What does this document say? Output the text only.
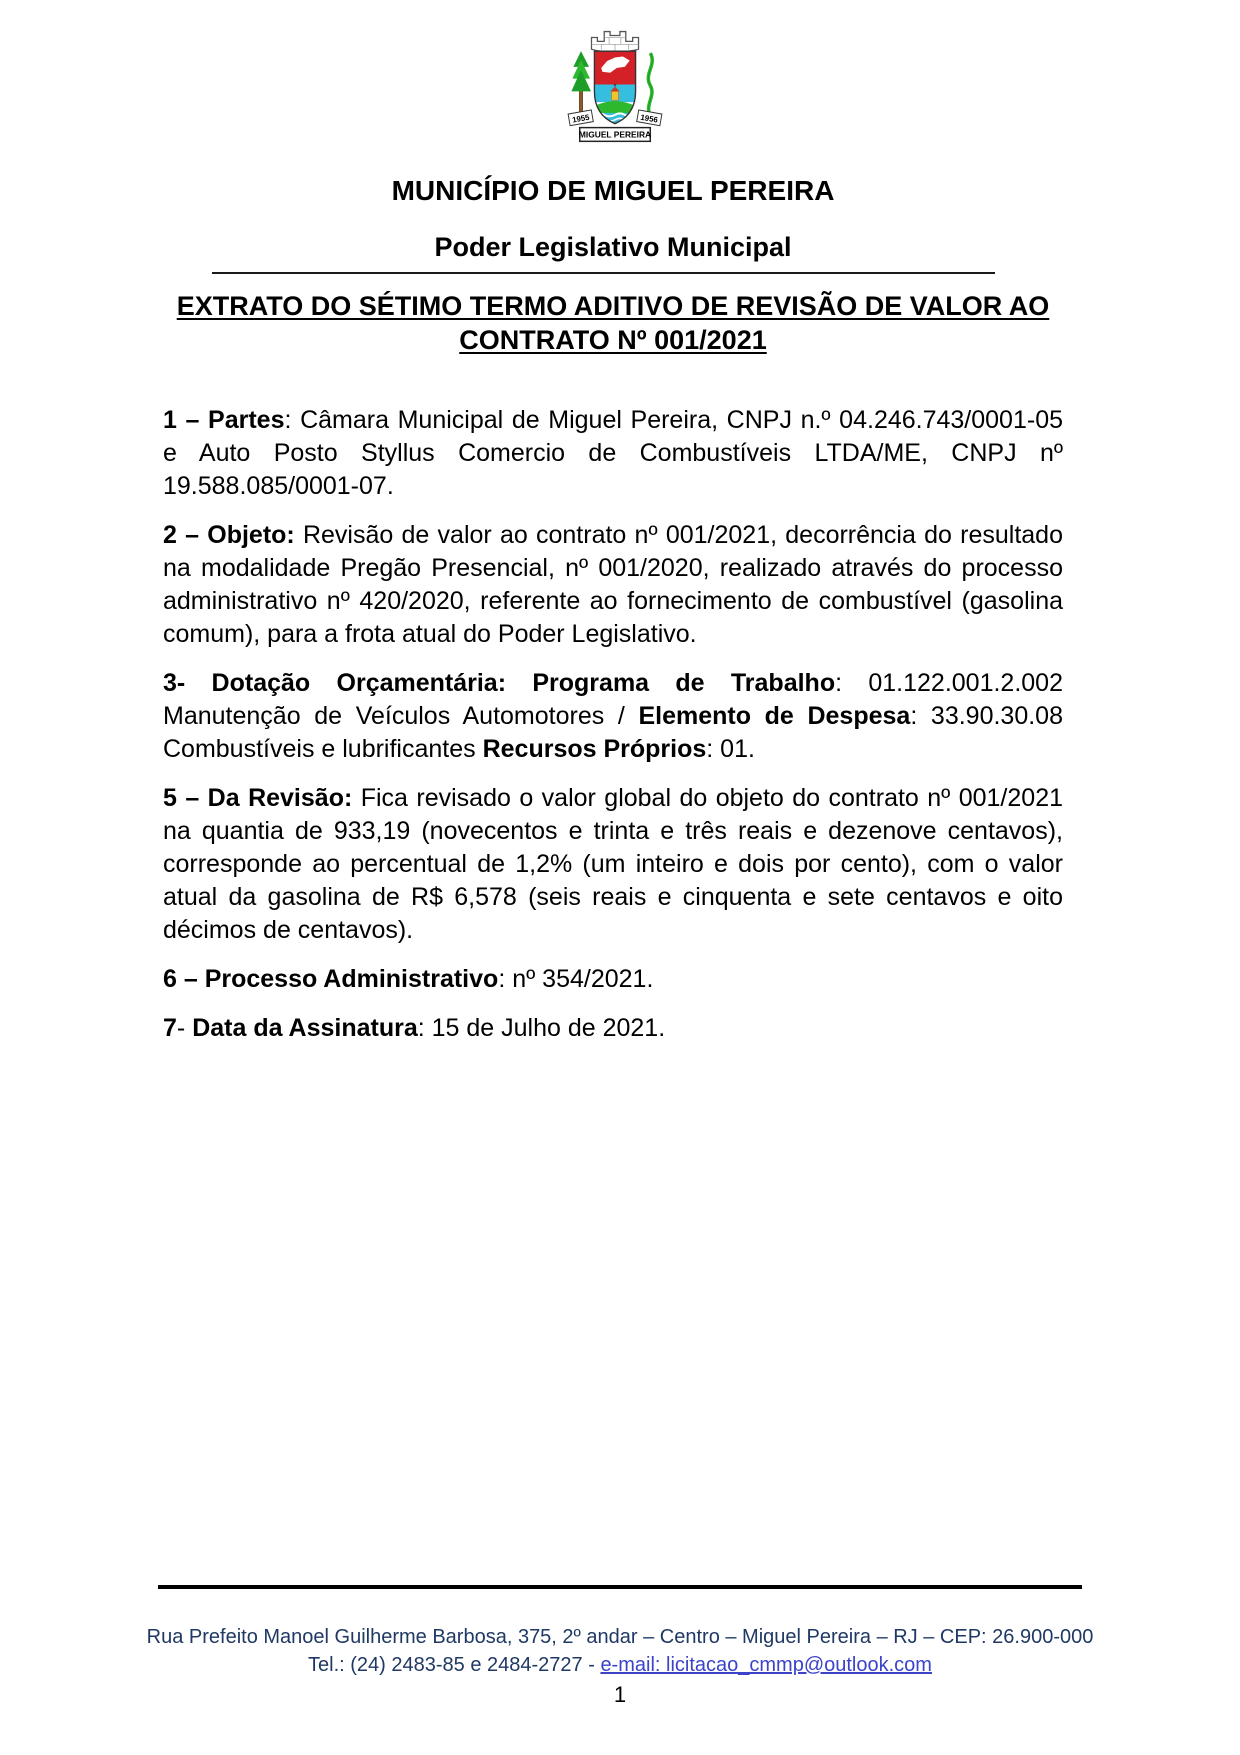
1955	1956
MIGUEL PEREIRA
MUNICÍPIO DE MIGUEL PEREIRA
Poder Legislativo Municipal
EXTRATO DO SÉTIMO TERMO ADITIVO DE REVISÃO DE VALOR AO
CONTRATO Nº 001/2021

1 – Partes: Câmara Municipal de Miguel Pereira, CNPJ n.º 04.246.743/0001-05 e Auto Posto Styllus Comercio de Combustíveis LTDA/ME, CNPJ nº 19.588.085/0001-07.

2 – Objeto: Revisão de valor ao contrato nº 001/2021, decorrência do resultado na modalidade Pregão Presencial, nº 001/2020, realizado através do processo administrativo nº 420/2020, referente ao fornecimento de combustível (gasolina comum), para a frota atual do Poder Legislativo.

3- Dotação Orçamentária: Programa de Trabalho: 01.122.001.2.002 Manutenção de Veículos Automotores / Elemento de Despesa: 33.90.30.08 Combustíveis e lubrificantes Recursos Próprios: 01.

5 – Da Revisão: Fica revisado o valor global do objeto do contrato nº 001/2021 na quantia de 933,19 (novecentos e trinta e três reais e dezenove centavos), corresponde ao percentual de 1,2% (um inteiro e dois por cento), com o valor atual da gasolina de R$ 6,578 (seis reais e cinquenta e sete centavos e oito décimos de centavos).

6 – Processo Administrativo: nº 354/2021.

7- Data da Assinatura: 15 de Julho de 2021.

Rua Prefeito Manoel Guilherme Barbosa, 375, 2º andar – Centro – Miguel Pereira – RJ – CEP: 26.900-000
Tel.: (24) 2483-85 e 2484-2727 - e-mail: licitacao_cmmp@outlook.com
1
